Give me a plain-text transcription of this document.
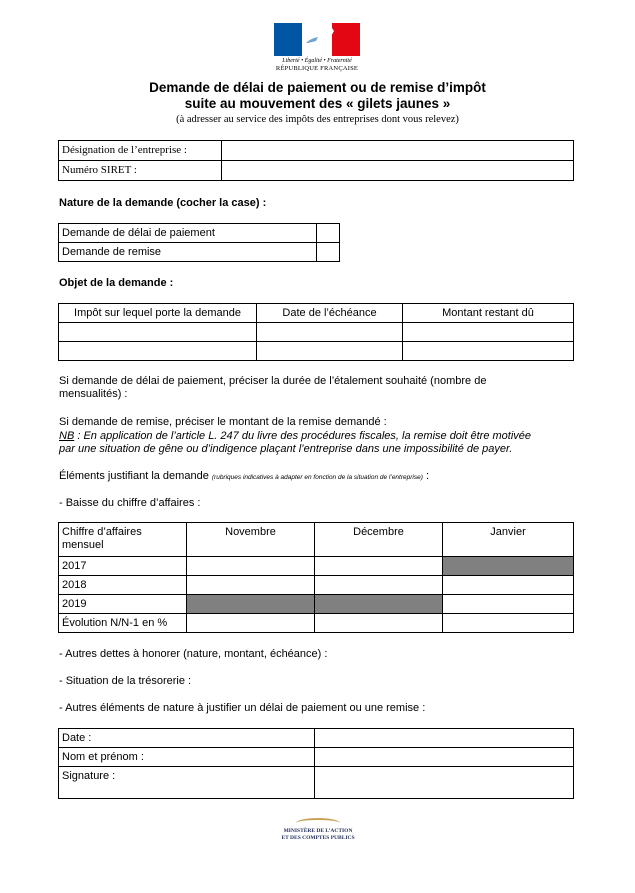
Liberté • Égalité • Fraternité
RÉPUBLIQUE FRANÇAISE
Demande de délai de paiement ou de remise d’impôt
suite au mouvement des « gilets jaunes »
(à adresser au service des impôts des entreprises dont vous relevez)
Désignation de l’entreprise :	
Numéro SIRET :	
Nature de la demande (cocher la case) :
Demande de délai de paiement	
Demande de remise	
Objet de la demande :
Impôt sur lequel porte la demande	Date de l’échéance	Montant restant dû

Si demande de délai de paiement, préciser la durée de l’étalement souhaité (nombre de
mensualités) :
Si demande de remise, préciser le montant de la remise demandé :
NB : En application de l’article L. 247 du livre des procédures fiscales, la remise doit être motivée
par une situation de gêne ou d’indigence plaçant l’entreprise dans une impossibilité de payer.
Éléments justifiant la demande (rubriques indicatives à adapter en fonction de la situation de l’entreprise) :
- Baisse du chiffre d’affaires :
Chiffre d’affaires mensuel	Novembre	Décembre	Janvier
2017			
2018			
2019			
Évolution N/N-1 en %			
- Autres dettes à honorer (nature, montant, échéance) :
- Situation de la trésorerie :
- Autres éléments de nature à justifier un délai de paiement ou une remise :
Date :	
Nom et prénom :	
Signature :	
MINISTÈRE DE L’ACTION
ET DES COMPTES PUBLICS
